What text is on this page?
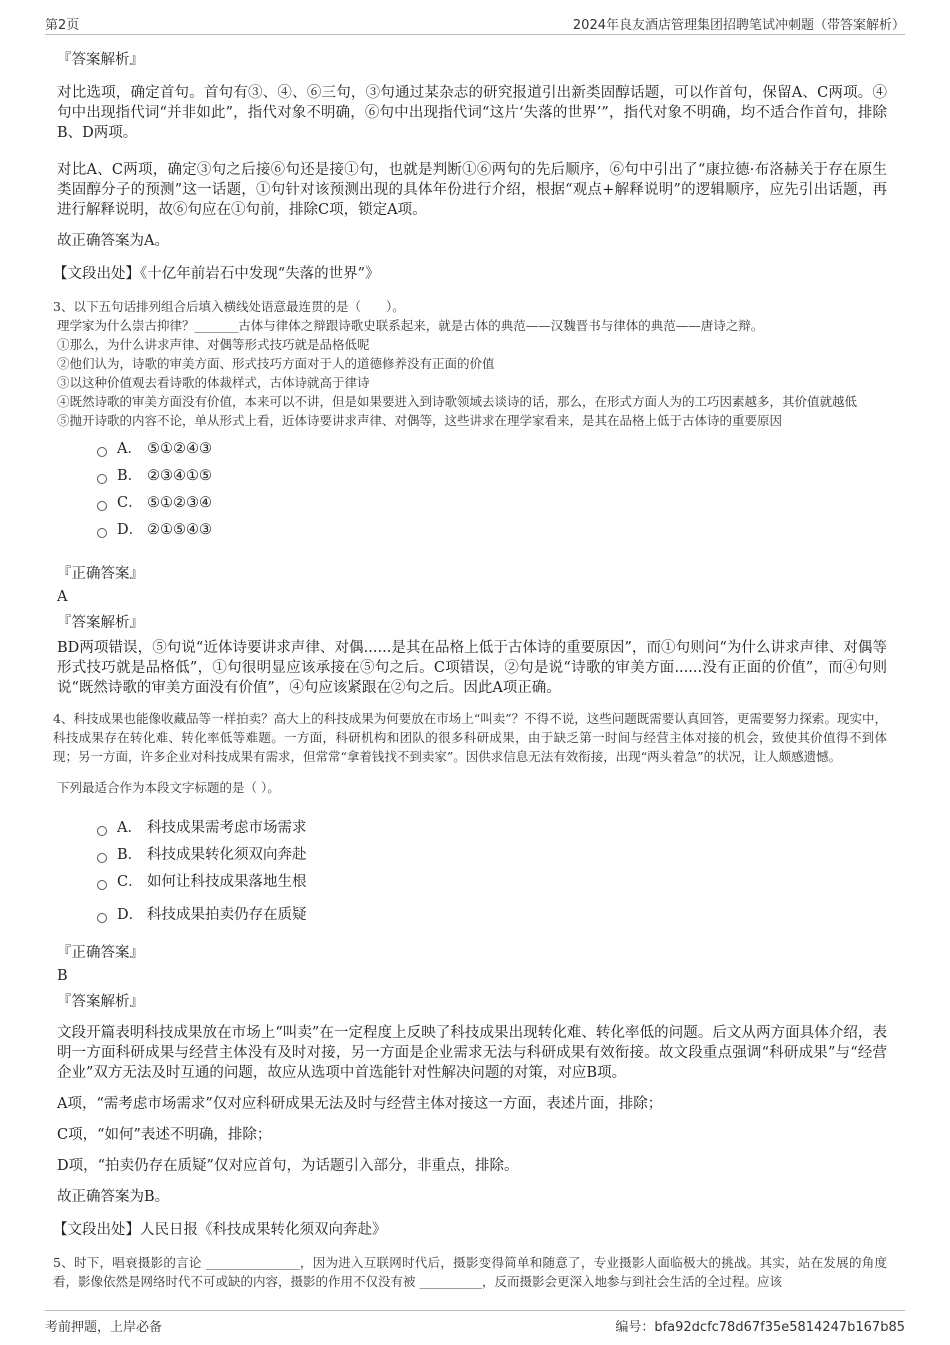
第2页	2024年良友酒店管理集团招聘笔试冲刺题（带答案解析）
『答案解析』

对比选项，确定首句。首句有③、④、⑥三句，③句通过某杂志的研究报道引出新类固醇话题，可以作首句，保留A、C两项。④句中出现指代词“并非如此”，指代对象不明确，⑥句中出现指代词“这片‘失落的世界’”，指代对象不明确，均不适合作首句，排除B、D两项。

对比A、C两项，确定③句之后接⑥句还是接①句，也就是判断①⑥两句的先后顺序，⑥句中引出了“康拉德·布洛赫关于存在原生类固醇分子的预测”这一话题，①句针对该预测出现的具体年份进行介绍，根据“观点+解释说明”的逻辑顺序，应先引出话题，再进行解释说明，故⑥句应在①句前，排除C项，锁定A项。

故正确答案为A。

【文段出处】《十亿年前岩石中发现“失落的世界”》

3、以下五句话排列组合后填入横线处语意最连贯的是（　　）。

理学家为什么崇古抑律？_______古体与律体之辩跟诗歌史联系起来，就是古体的典范——汉魏晋书与律体的典范——唐诗之辩。

①那么，为什么讲求声律、对偶等形式技巧就是品格低呢

②他们认为，诗歌的审美方面、形式技巧方面对于人的道德修养没有正面的价值

③以这种价值观去看诗歌的体裁样式，古体诗就高于律诗

④既然诗歌的审美方面没有价值，本来可以不讲，但是如果要进入到诗歌领域去谈诗的话，那么，在形式方面人为的工巧因素越多，其价值就越低

⑤抛开诗歌的内容不论，单从形式上看，近体诗要讲求声律、对偶等，这些讲求在理学家看来，是其在品格上低于古体诗的重要原因

A． ⑤①②④③
B． ②③④①⑤
C． ⑤①②③④
D． ②①⑤④③
『正确答案』
A
『答案解析』

BD两项错误，⑤句说“近体诗要讲求声律、对偶......是其在品格上低于古体诗的重要原因”，而①句则问“为什么讲求声律、对偶等形式技巧就是品格低”，①句很明显应该承接在⑤句之后。C项错误，②句是说“诗歌的审美方面......没有正面的价值”，而④句则说“既然诗歌的审美方面没有价值”，④句应该紧跟在②句之后。因此A项正确。

4、科技成果也能像收藏品等一样拍卖？高大上的科技成果为何要放在市场上“叫卖”？不得不说，这些问题既需要认真回答，更需要努力探索。现实中，科技成果存在转化难、转化率低等难题。一方面，科研机构和团队的很多科研成果，由于缺乏第一时间与经营主体对接的机会，致使其价值得不到体现；另一方面，许多企业对科技成果有需求，但常常“拿着钱找不到卖家”。因供求信息无法有效衔接，出现“两头着急”的状况，让人颇感遗憾。

下列最适合作为本段文字标题的是（ ）。

A． 科技成果需考虑市场需求
B． 科技成果转化须双向奔赴
C． 如何让科技成果落地生根
D． 科技成果拍卖仍存在质疑
『正确答案』
B
『答案解析』

文段开篇表明科技成果放在市场上“叫卖”在一定程度上反映了科技成果出现转化难、转化率低的问题。后文从两方面具体介绍，表明一方面科研成果与经营主体没有及时对接，另一方面是企业需求无法与科研成果有效衔接。故文段重点强调“科研成果”与“经营企业”双方无法及时互通的问题，故应从选项中首选能针对性解决问题的对策，对应B项。

A项，“需考虑市场需求”仅对应科研成果无法及时与经营主体对接这一方面，表述片面，排除；

C项，“如何”表述不明确，排除；

D项，“拍卖仍存在质疑”仅对应首句，为话题引入部分，非重点，排除。

故正确答案为B。

【文段出处】人民日报《科技成果转化须双向奔赴》

5、时下，唱衰摄影的言论 _______________，因为进入互联网时代后，摄影变得简单和随意了，专业摄影人面临极大的挑战。其实，站在发展的角度看，影像依然是网络时代不可或缺的内容，摄影的作用不仅没有被 __________，反而摄影会更深入地参与到社会生活的全过程。应该

考前押题，上岸必备	编号：bfa92dcfc78d67f35e5814247b167b85
